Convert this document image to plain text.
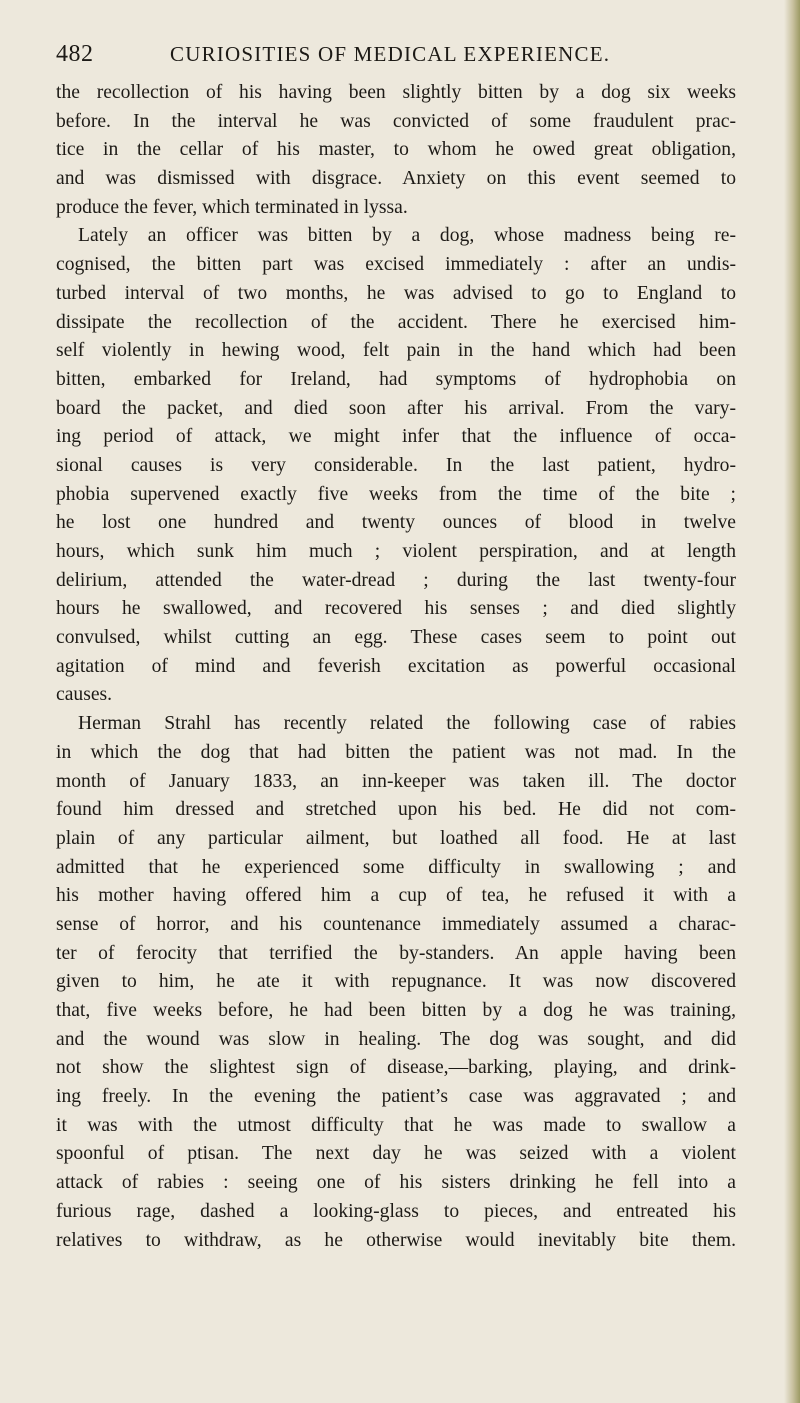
482	CURIOSITIES OF MEDICAL EXPERIENCE.
the recollection of his having been slightly bitten by a dog six weeks
before. In the interval he was convicted of some fraudulent prac-
tice in the cellar of his master, to whom he owed great obligation,
and was dismissed with disgrace. Anxiety on this event seemed to
produce the fever, which terminated in lyssa.
Lately an officer was bitten by a dog, whose madness being re-
cognised, the bitten part was excised immediately : after an undis-
turbed interval of two months, he was advised to go to England to
dissipate the recollection of the accident. There he exercised him-
self violently in hewing wood, felt pain in the hand which had been
bitten, embarked for Ireland, had symptoms of hydrophobia on
board the packet, and died soon after his arrival. From the vary-
ing period of attack, we might infer that the influence of occa-
sional causes is very considerable. In the last patient, hydro-
phobia supervened exactly five weeks from the time of the bite ;
he lost one hundred and twenty ounces of blood in twelve
hours, which sunk him much ; violent perspiration, and at length
delirium, attended the water-dread ; during the last twenty-four
hours he swallowed, and recovered his senses ; and died slightly
convulsed, whilst cutting an egg. These cases seem to point out
agitation of mind and feverish excitation as powerful occasional
causes.
Herman Strahl has recently related the following case of rabies
in which the dog that had bitten the patient was not mad. In the
month of January 1833, an inn-keeper was taken ill. The doctor
found him dressed and stretched upon his bed. He did not com-
plain of any particular ailment, but loathed all food. He at last
admitted that he experienced some difficulty in swallowing ; and
his mother having offered him a cup of tea, he refused it with a
sense of horror, and his countenance immediately assumed a charac-
ter of ferocity that terrified the by-standers. An apple having been
given to him, he ate it with repugnance. It was now discovered
that, five weeks before, he had been bitten by a dog he was training,
and the wound was slow in healing. The dog was sought, and did
not show the slightest sign of disease,—barking, playing, and drink-
ing freely. In the evening the patient’s case was aggravated ; and
it was with the utmost difficulty that he was made to swallow a
spoonful of ptisan. The next day he was seized with a violent
attack of rabies : seeing one of his sisters drinking he fell into a
furious rage, dashed a looking-glass to pieces, and entreated his
relatives to withdraw, as he otherwise would inevitably bite them.
